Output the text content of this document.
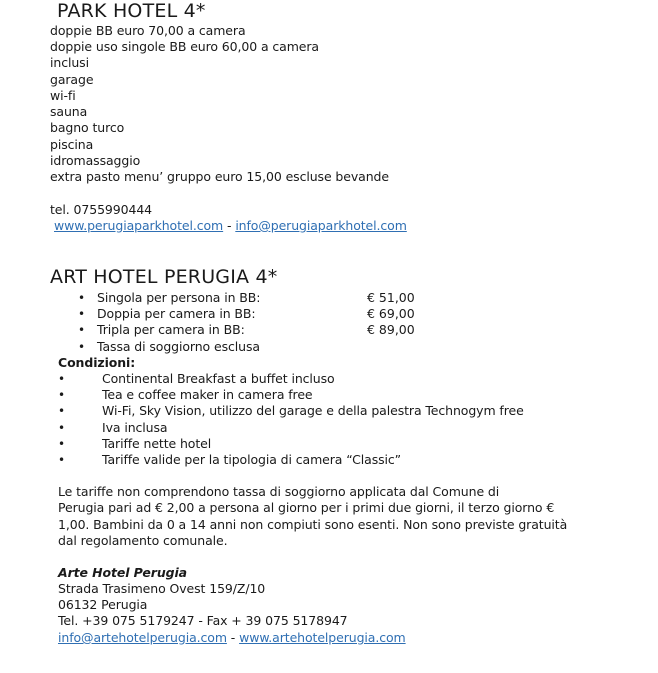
PARK HOTEL 4*
doppie BB euro 70,00 a camera
doppie uso singole BB euro 60,00 a camera
inclusi
garage
wi-fi
sauna
bagno turco
piscina
idromassaggio
extra pasto menu’ gruppo euro 15,00 escluse bevande
tel. 0755990444
www.perugiaparkhotel.com - info@perugiaparkhotel.com
ART HOTEL PERUGIA 4*
• Singola per persona in BB:	€ 51,00
• Doppia per camera in BB:	€ 69,00
• Tripla per camera in BB:	€ 89,00
• Tassa di soggiorno esclusa
Condizioni:
•	Continental Breakfast a buffet incluso
•	Tea e coffee maker in camera free
•	Wi-Fi, Sky Vision, utilizzo del garage e della palestra Technogym free
•	Iva inclusa
•	Tariffe nette hotel
•	Tariffe valide per la tipologia di camera “Classic”
Le tariffe non comprendono tassa di soggiorno applicata dal Comune di
Perugia pari ad € 2,00 a persona al giorno per i primi due giorni, il terzo giorno €
1,00. Bambini da 0 a 14 anni non compiuti sono esenti. Non sono previste gratuità
dal regolamento comunale.
Arte Hotel Perugia
Strada Trasimeno Ovest 159/Z/10
06132 Perugia
Tel. +39 075 5179247 - Fax + 39 075 5178947
info@artehotelperugia.com - www.artehotelperugia.com
